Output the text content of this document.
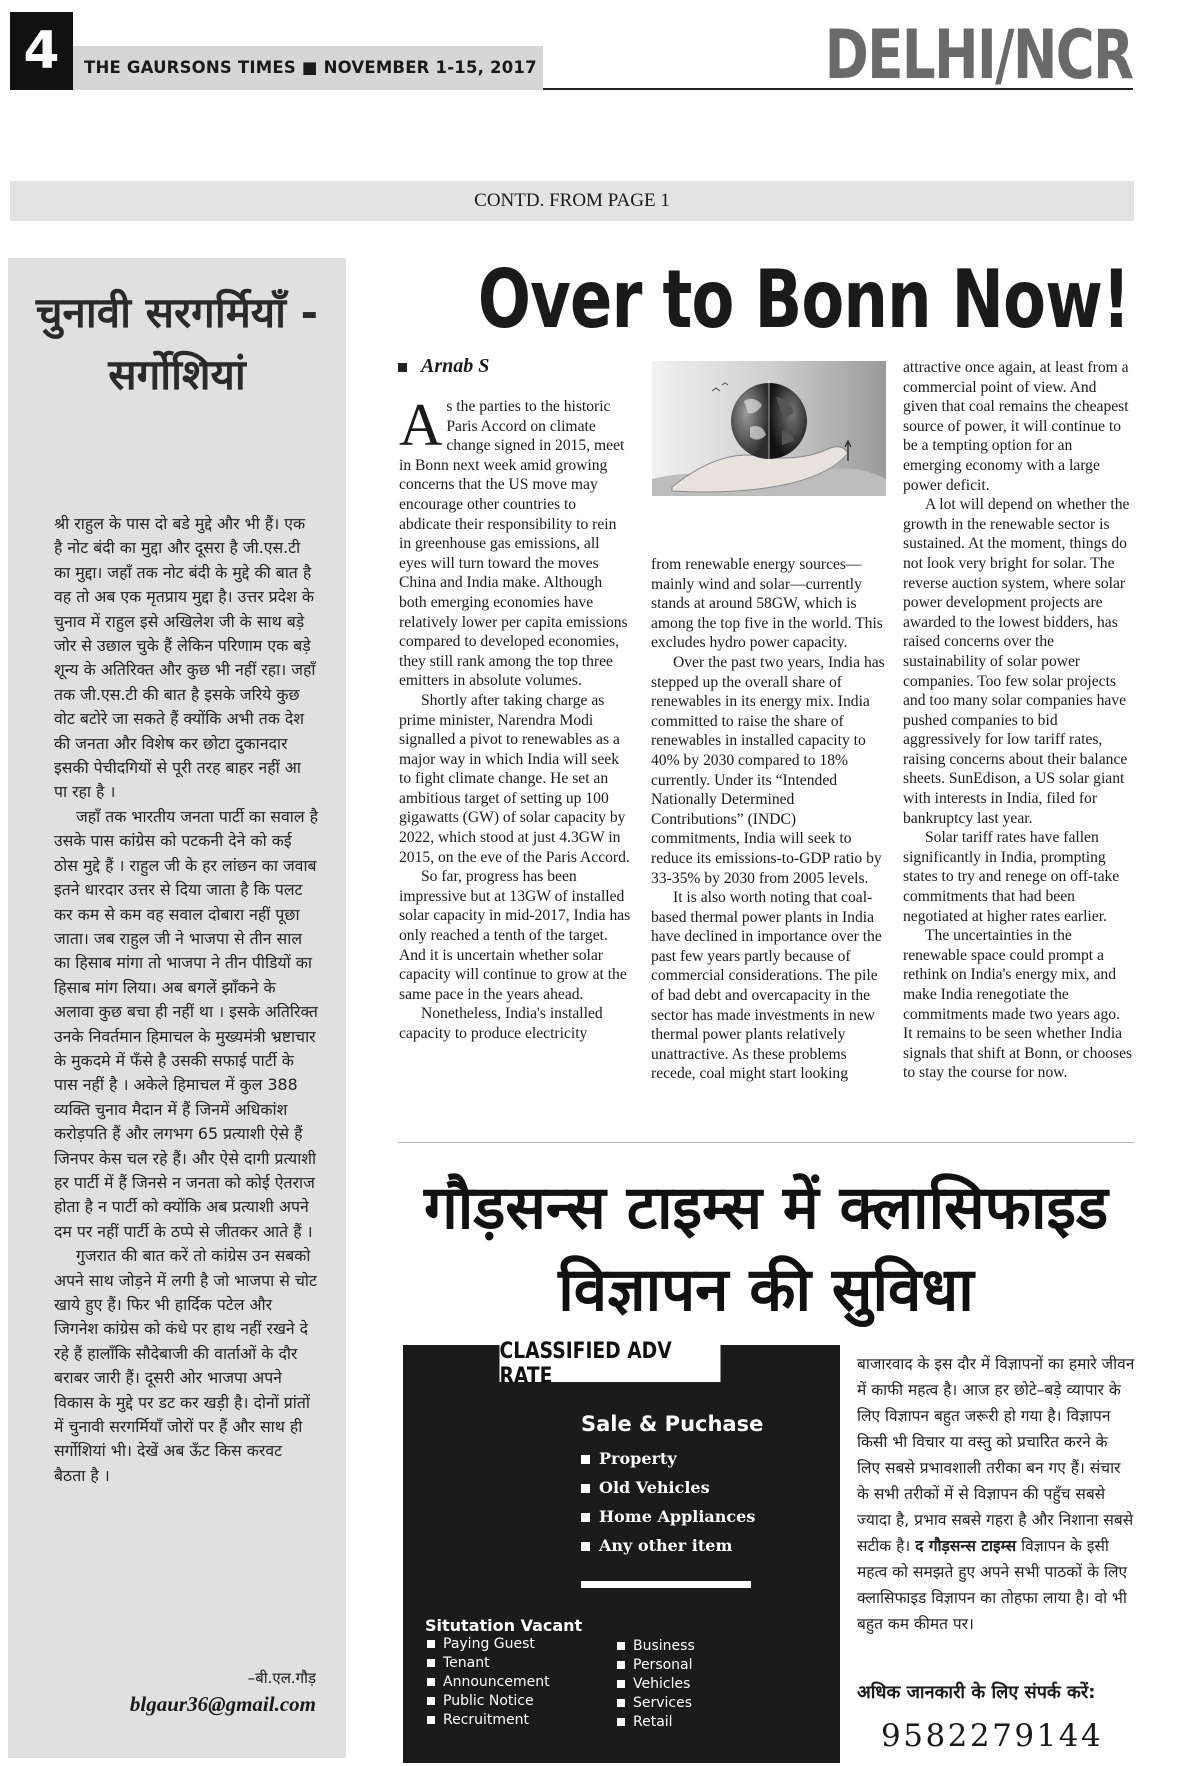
4	THE GAURSONS TIMES ■ NOVEMBER 1-15, 2017	DELHI/NCR
CONTD. FROM PAGE 1
चुनावी सरगर्मियाँ - सर्गोशियां

श्री राहुल के पास दो बडे मुद्दे और भी हैं। एक है नोट बंदी का मुद्दा और दूसरा है जी.एस.टी का मुद्दा। जहाँ तक नोट बंदी के मुद्दे की बात है वह तो अब एक मृतप्राय मुद्दा है। उत्तर प्रदेश के चुनाव में राहुल इसे अखिलेश जी के साथ बड़े जोर से उछाल चुके हैं लेकिन परिणाम एक बड़े शून्य के अतिरिक्त और कुछ भी नहीं रहा। जहाँ तक जी.एस.टी की बात है इसके जरिये कुछ वोट बटोरे जा सकते हैं क्योंकि अभी तक देश की जनता और विशेष कर छोटा दुकानदार इसकी पेचीदगियों से पूरी तरह बाहर नहीं आ पा रहा है ।

जहाँ तक भारतीय जनता पार्टी का सवाल है उसके पास कांग्रेस को पटकनी देने को कई ठोस मुद्दे हैं । राहुल जी के हर लांछन का जवाब इतने धारदार उत्तर से दिया जाता है कि पलट कर कम से कम वह सवाल दोबारा नहीं पूछा जाता। जब राहुल जी ने भाजपा से तीन साल का हिसाब मांगा तो भाजपा ने तीन पीडियों का हिसाब मांग लिया। अब बगलें झाँकने के अलावा कुछ बचा ही नहीं था । इसके अतिरिक्त उनके निवर्तमान हिमाचल के मुख्यमंत्री भ्रष्टाचार के मुकदमे में फँसे है उसकी सफाई पार्टी के पास नहीं है । अकेले हिमाचल में कुल 388 व्यक्ति चुनाव मैदान में हैं जिनमें अधिकांश करोड़पति हैं और लगभग 65 प्रत्याशी ऐसे हैं जिनपर केस चल रहे हैं। और ऐसे दागी प्रत्याशी हर पार्टी में हैं जिनसे न जनता को कोई ऐतराज होता है न पार्टी को क्योंकि अब प्रत्याशी अपने दम पर नहीं पार्टी के ठप्पे से जीतकर आते हैं ।

गुजरात की बात करें तो कांग्रेस उन सबको अपने साथ जोड़ने में लगी है जो भाजपा से चोट खाये हुए हैं। फिर भी हार्दिक पटेल और जिगनेश कांग्रेस को कंधे पर हाथ नहीं रखने दे रहे हैं हालाँकि सौदेबाजी की वार्ताओं के दौर बराबर जारी हैं। दूसरी ओर भाजपा अपने विकास के मुद्दे पर डट कर खड़ी है। दोनों प्रांतों में चुनावी सरगर्मियाँ जोरों पर हैं और साथ ही सर्गोशियां भी। देखें अब ऊँट किस करवट बैठता है ।

–बी.एल.गौड़
blgaur36@gmail.com
Over to Bonn Now!
Arnab S

As the parties to the historic Paris Accord on climate change signed in 2015, meet in Bonn next week amid growing concerns that the US move may encourage other countries to abdicate their responsibility to rein in greenhouse gas emissions, all eyes will turn toward the moves China and India make. Although both emerging economies have relatively lower per capita emissions compared to developed economies, they still rank among the top three emitters in absolute volumes.

Shortly after taking charge as prime minister, Narendra Modi signalled a pivot to renewables as a major way in which India will seek to fight climate change. He set an ambitious target of setting up 100 gigawatts (GW) of solar capacity by 2022, which stood at just 4.3GW in 2015, on the eve of the Paris Accord.

So far, progress has been impressive but at 13GW of installed solar capacity in mid-2017, India has only reached a tenth of the target. And it is uncertain whether solar capacity will continue to grow at the same pace in the years ahead.

Nonetheless, India's installed capacity to produce electricity

from renewable energy sources—mainly wind and solar—currently stands at around 58GW, which is among the top five in the world. This excludes hydro power capacity.

Over the past two years, India has stepped up the overall share of renewables in its energy mix. India committed to raise the share of renewables in installed capacity to 40% by 2030 compared to 18% currently. Under its “Intended Nationally Determined Contributions” (INDC) commitments, India will seek to reduce its emissions-to-GDP ratio by 33-35% by 2030 from 2005 levels.

It is also worth noting that coal-based thermal power plants in India have declined in importance over the past few years partly because of commercial considerations. The pile of bad debt and overcapacity in the sector has made investments in new thermal power plants relatively unattractive. As these problems recede, coal might start looking

attractive once again, at least from a commercial point of view. And given that coal remains the cheapest source of power, it will continue to be a tempting option for an emerging economy with a large power deficit.

A lot will depend on whether the growth in the renewable sector is sustained. At the moment, things do not look very bright for solar. The reverse auction system, where solar power development projects are awarded to the lowest bidders, has raised concerns over the sustainability of solar power companies. Too few solar projects and too many solar companies have pushed companies to bid aggressively for low tariff rates, raising concerns about their balance sheets. SunEdison, a US solar giant with interests in India, filed for bankruptcy last year.

Solar tariff rates have fallen significantly in India, prompting states to try and renege on off-take commitments that had been negotiated at higher rates earlier.

The uncertainties in the renewable space could prompt a rethink on India's energy mix, and make India renegotiate the commitments made two years ago. It remains to be seen whether India signals that shift at Bonn, or chooses to stay the course for now.

गौड़सन्स टाइम्स में क्लासिफाइड
विज्ञापन की सुविधा
CLASSIFIED ADV RATE
Sale & Puchase
Property
Old Vehicles
Home Appliances
Any other item
Situtation Vacant
Paying Guest
Tenant
Announcement
Public Notice
Recruitment
Business
Personal
Vehicles
Services
Retail
बाजारवाद के इस दौर में विज्ञापनों का हमारे जीवन में काफी महत्व है। आज हर छोटे–बड़े व्यापार के लिए विज्ञापन बहुत जरूरी हो गया है। विज्ञापन किसी भी विचार या वस्तु को प्रचारित करने के लिए सबसे प्रभावशाली तरीका बन गए हैं। संचार के सभी तरीकों में से विज्ञापन की पहुँच सबसे ज्यादा है, प्रभाव सबसे गहरा है और निशाना सबसे सटीक है। द गौड़सन्स टाइम्स विज्ञापन के इसी महत्व को समझते हुए अपने सभी पाठकों के लिए क्लासिफाइड विज्ञापन का तोहफा लाया है। वो भी बहुत कम कीमत पर।
अधिक जानकारी के लिए संपर्क करें:
9582279144
